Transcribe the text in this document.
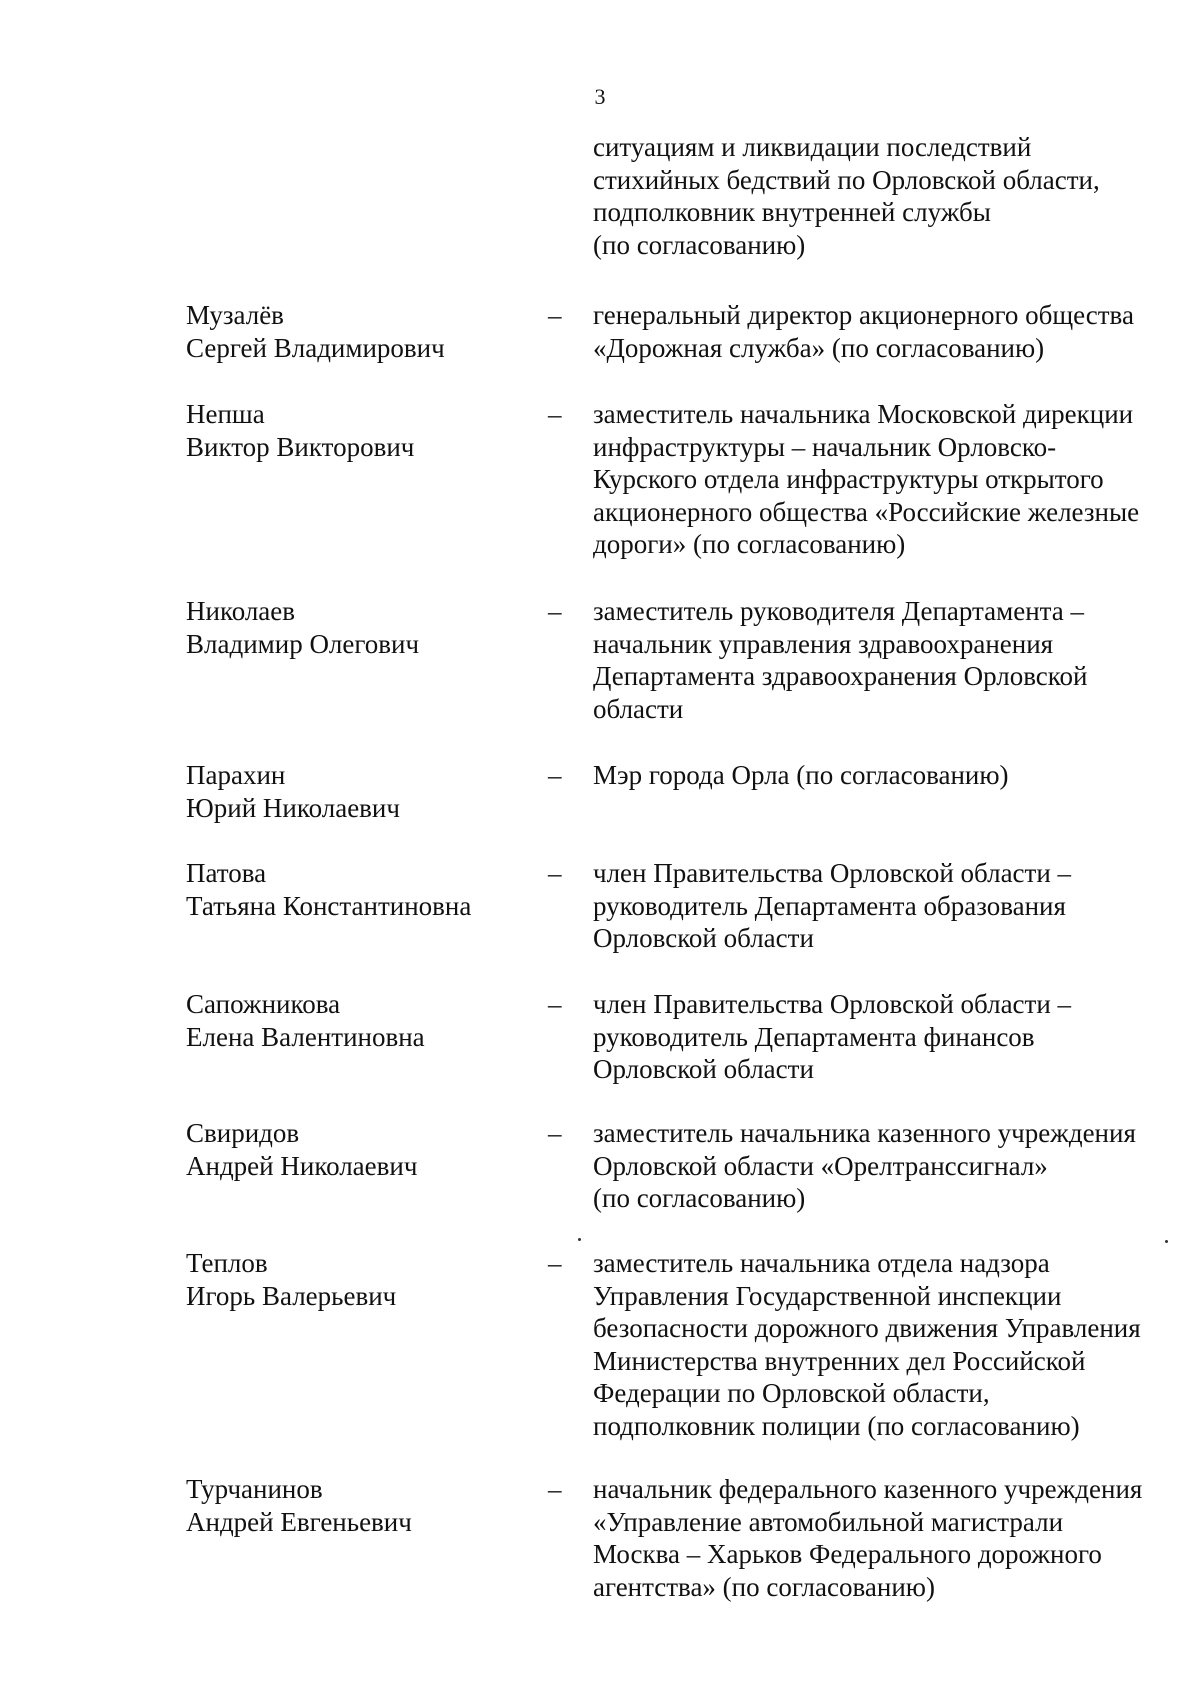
3
ситуациям и ликвидации последствий
стихийных бедствий по Орловской области,
подполковник внутренней службы
(по согласованию)
Музалёв
Сергей Владимирович
–	генеральный директор акционерного общества
«Дорожная служба» (по согласованию)
Непша
Виктор Викторович
–	заместитель начальника Московской дирекции
инфраструктуры – начальник Орловско-
Курского отдела инфраструктуры открытого
акционерного общества «Российские железные
дороги» (по согласованию)
Николаев
Владимир Олегович
–	заместитель руководителя Департамента –
начальник управления здравоохранения
Департамента здравоохранения Орловской
области
Парахин
Юрий Николаевич
–	Мэр города Орла (по согласованию)
Патова
Татьяна Константиновна
–	член Правительства Орловской области –
руководитель Департамента образования
Орловской области
Сапожникова
Елена Валентиновна
–	член Правительства Орловской области –
руководитель Департамента финансов
Орловской области
Свиридов
Андрей Николаевич
–	заместитель начальника казенного учреждения
Орловской области «Орелтранссигнал»
(по согласованию)
Теплов
Игорь Валерьевич
–	заместитель начальника отдела надзора
Управления Государственной инспекции
безопасности дорожного движения Управления
Министерства внутренних дел Российской
Федерации по Орловской области,
подполковник полиции (по согласованию)
Турчанинов
Андрей Евгеньевич
–	начальник федерального казенного учреждения
«Управление автомобильной магистрали
Москва – Харьков Федерального дорожного
агентства» (по согласованию)
